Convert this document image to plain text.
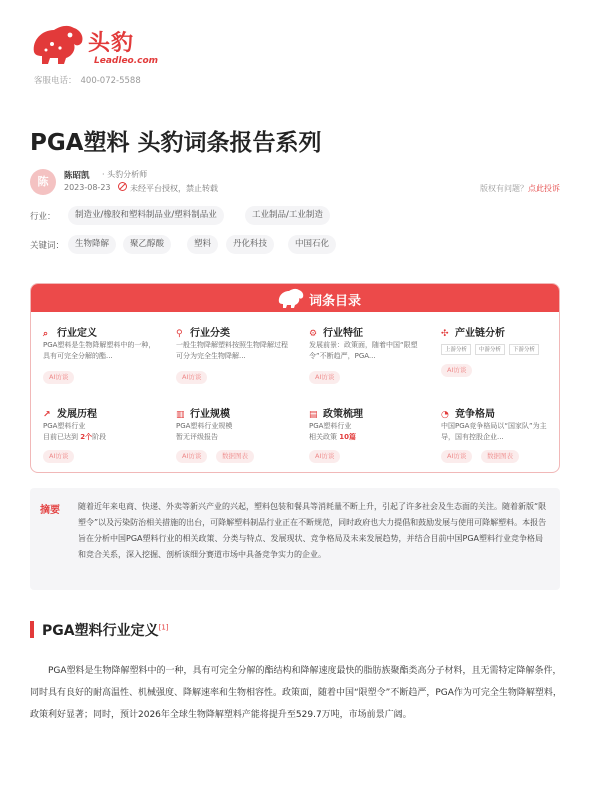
头豹
Leadleo.com
客服电话： 400-072-5588
PGA塑料 头豹词条报告系列
陈	陈昭凯 · 头豹分析师
2023-08-23 未经平台授权，禁止转载	版权有问题？点此投诉
行业：	制造业/橡胶和塑料制品业/塑料制品业	工业制品/工业制造
关键词：	生物降解	聚乙醇酸	塑料	丹化科技	中国石化
词条目录
⌕ 行业定义
PGA塑料是生物降解塑料中的一种，具有可完全分解的酯...
AI访谈
⚲ 行业分类
一般生物降解塑料按照生物降解过程可分为完全生物降解...
AI访谈
⚙ 行业特征
发展前景：政策面，随着中国“限塑令”不断趋严，PGA...
AI访谈
✣ 产业链分析
上游分析	中游分析	下游分析
AI访谈
↗ 发展历程
PGA塑料行业
目前已达到 2个阶段
AI访谈
▥ 行业规模
PGA塑料行业规模
暂无评级报告
AI访谈	数据图表
▤ 政策梳理
PGA塑料行业
相关政策 10篇
AI访谈
◔ 竞争格局
中国PGA竞争格局以“国家队”为主导，国有控股企业...
AI访谈	数据图表
摘要 随着近年来电商、快递、外卖等新兴产业的兴起，塑料包装和餐具等消耗量不断上升，引起了许多社会及生态面的关注。随着新版“限塑令”以及污染防治相关措施的出台，可降解塑料制品行业正在不断规范，同时政府也大力提倡和鼓励发展与使用可降解塑料。本报告旨在分析中国PGA塑料行业的相关政策、分类与特点、发展现状、竞争格局及未来发展趋势，并结合目前中国PGA塑料行业竞争格局和竞合关系，深入挖掘、剖析该细分赛道市场中具备竞争实力的企业。
PGA塑料行业定义[1]

PGA塑料是生物降解塑料中的一种，具有可完全分解的酯结构和降解速度最快的脂肪族聚酯类高分子材料，且无需特定降解条件，同时具有良好的耐高温性、机械强度、降解速率和生物相容性。政策面，随着中国“限塑令”不断趋严，PGA作为可完全生物降解塑料，政策利好显著；同时，预计2026年全球生物降解塑料产能将提升至529.7万吨，市场前景广阔。
